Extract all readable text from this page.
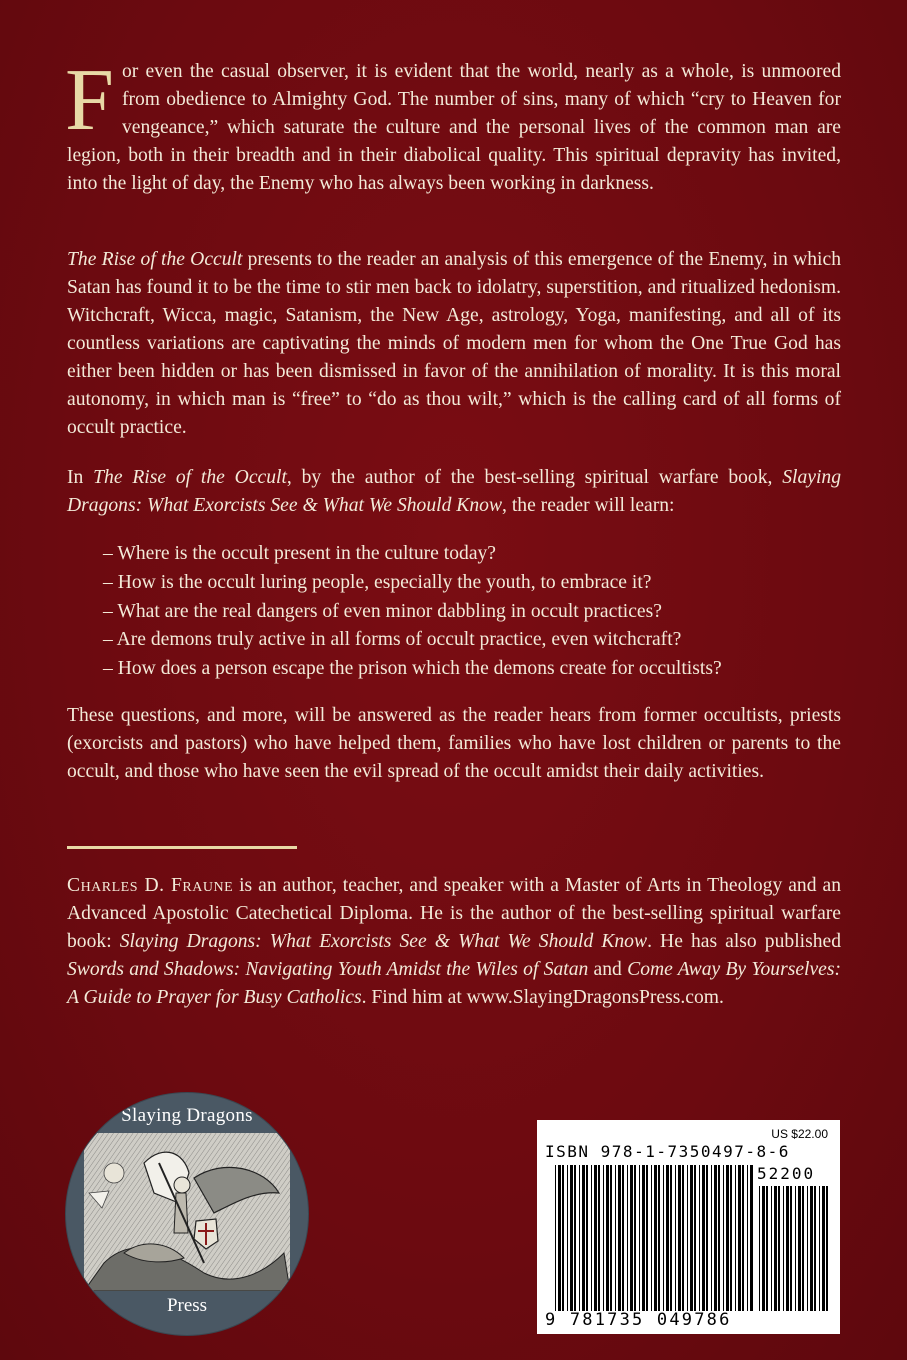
For even the casual observer, it is evident that the world, nearly as a whole, is unmoored from obedience to Almighty God. The number of sins, many of which “cry to Heaven for vengeance,” which saturate the culture and the personal lives of the common man are legion, both in their breadth and in their diabolical quality. This spiritual depravity has invited, into the light of day, the Enemy who has always been working in darkness.

The Rise of the Occult presents to the reader an analysis of this emergence of the Enemy, in which Satan has found it to be the time to stir men back to idolatry, superstition, and ritualized hedonism. Witchcraft, Wicca, magic, Satanism, the New Age, astrology, Yoga, manifesting, and all of its countless variations are captivating the minds of modern men for whom the One True God has either been hidden or has been dismissed in favor of the annihilation of morality. It is this moral autonomy, in which man is “free” to “do as thou wilt,” which is the calling card of all forms of occult practice.

In The Rise of the Occult, by the author of the best-selling spiritual warfare book, Slaying Dragons: What Exorcists See & What We Should Know, the reader will learn:

– Where is the occult present in the culture today?
– How is the occult luring people, especially the youth, to embrace it?
– What are the real dangers of even minor dabbling in occult practices?
– Are demons truly active in all forms of occult practice, even witchcraft?
– How does a person escape the prison which the demons create for occultists?

These questions, and more, will be answered as the reader hears from former occultists, priests (exorcists and pastors) who have helped them, families who have lost children or parents to the occult, and those who have seen the evil spread of the occult amidst their daily activities.

Charles D. Fraune is an author, teacher, and speaker with a Master of Arts in Theology and an Advanced Apostolic Catechetical Diploma. He is the author of the best-selling spiritual warfare book: Slaying Dragons: What Exorcists See & What We Should Know. He has also published Swords and Shadows: Navigating Youth Amidst the Wiles of Satan and Come Away By Yourselves: A Guide to Prayer for Busy Catholics. Find him at www.SlayingDragonsPress.com.

Slaying Dragons
Press
US $22.00
ISBN 978-1-7350497-8-6
52200
9 781735 049786
